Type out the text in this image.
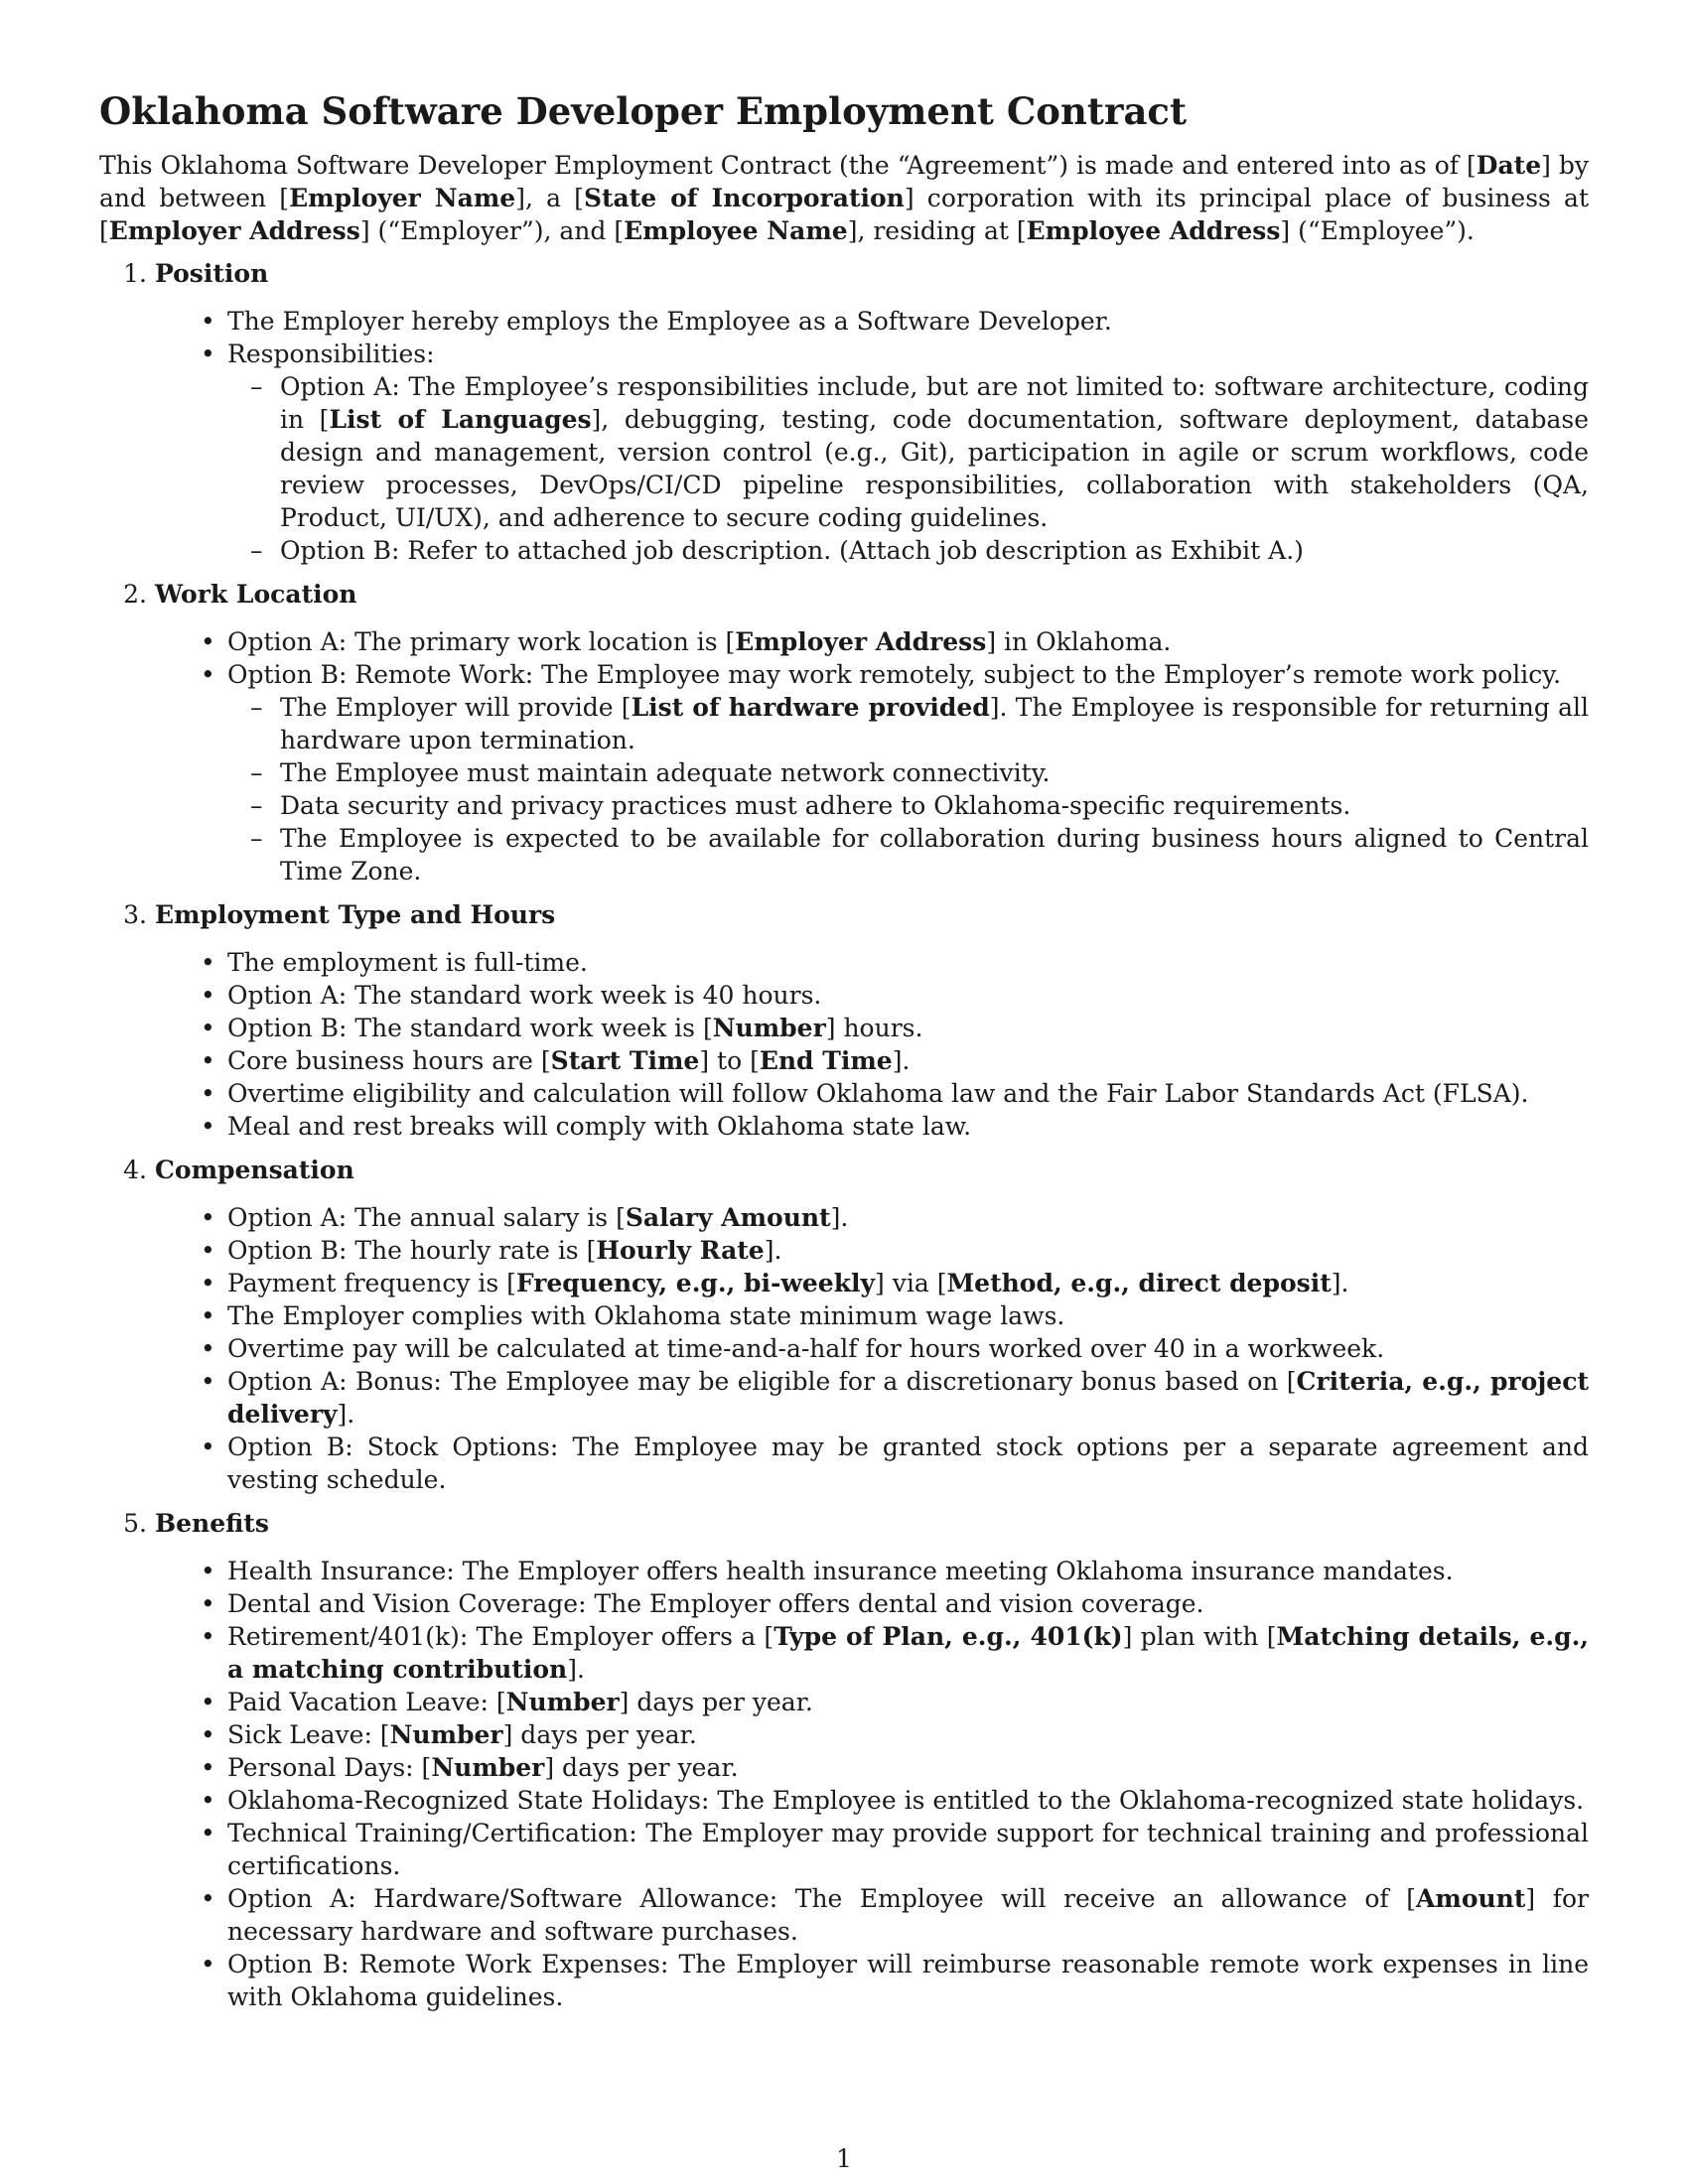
Oklahoma Software Developer Employment Contract

This Oklahoma Software Developer Employment Contract (the “Agreement”) is made and entered into as of [Date] by and between [Employer Name], a [State of Incorporation] corporation with its principal place of business at [Employer Address] (“Employer”), and [Employee Name], residing at [Employee Address] (“Employee”).

1. Position
• The Employer hereby employs the Employee as a Software Developer.
• Responsibilities:
– Option A: The Employee’s responsibilities include, but are not limited to: software architecture, coding in [List of Languages], debugging, testing, code documentation, software deployment, database design and management, version control (e.g., Git), participation in agile or scrum workflows, code review processes, DevOps/CI/CD pipeline responsibilities, collaboration with stakeholders (QA, Product, UI/UX), and adherence to secure coding guidelines.
– Option B: Refer to attached job description. (Attach job description as Exhibit A.)
2. Work Location
• Option A: The primary work location is [Employer Address] in Oklahoma.
• Option B: Remote Work: The Employee may work remotely, subject to the Employer’s remote work policy.
– The Employer will provide [List of hardware provided]. The Employee is responsible for returning all hardware upon termination.
– The Employee must maintain adequate network connectivity.
– Data security and privacy practices must adhere to Oklahoma-specific requirements.
– The Employee is expected to be available for collaboration during business hours aligned to Central Time Zone.
3. Employment Type and Hours
• The employment is full-time.
• Option A: The standard work week is 40 hours.
• Option B: The standard work week is [Number] hours.
• Core business hours are [Start Time] to [End Time].
• Overtime eligibility and calculation will follow Oklahoma law and the Fair Labor Standards Act (FLSA).
• Meal and rest breaks will comply with Oklahoma state law.
4. Compensation
• Option A: The annual salary is [Salary Amount].
• Option B: The hourly rate is [Hourly Rate].
• Payment frequency is [Frequency, e.g., bi-weekly] via [Method, e.g., direct deposit].
• The Employer complies with Oklahoma state minimum wage laws.
• Overtime pay will be calculated at time-and-a-half for hours worked over 40 in a workweek.
• Option A: Bonus: The Employee may be eligible for a discretionary bonus based on [Criteria, e.g., project delivery].
• Option B: Stock Options: The Employee may be granted stock options per a separate agreement and vesting schedule.
5. Benefits
• Health Insurance: The Employer offers health insurance meeting Oklahoma insurance mandates.
• Dental and Vision Coverage: The Employer offers dental and vision coverage.
• Retirement/401(k): The Employer offers a [Type of Plan, e.g., 401(k)] plan with [Matching details, e.g., a matching contribution].
• Paid Vacation Leave: [Number] days per year.
• Sick Leave: [Number] days per year.
• Personal Days: [Number] days per year.
• Oklahoma-Recognized State Holidays: The Employee is entitled to the Oklahoma-recognized state holidays.
• Technical Training/Certification: The Employer may provide support for technical training and professional certifications.
• Option A: Hardware/Software Allowance: The Employee will receive an allowance of [Amount] for necessary hardware and software purchases.
• Option B: Remote Work Expenses: The Employer will reimburse reasonable remote work expenses in line with Oklahoma guidelines.
1
